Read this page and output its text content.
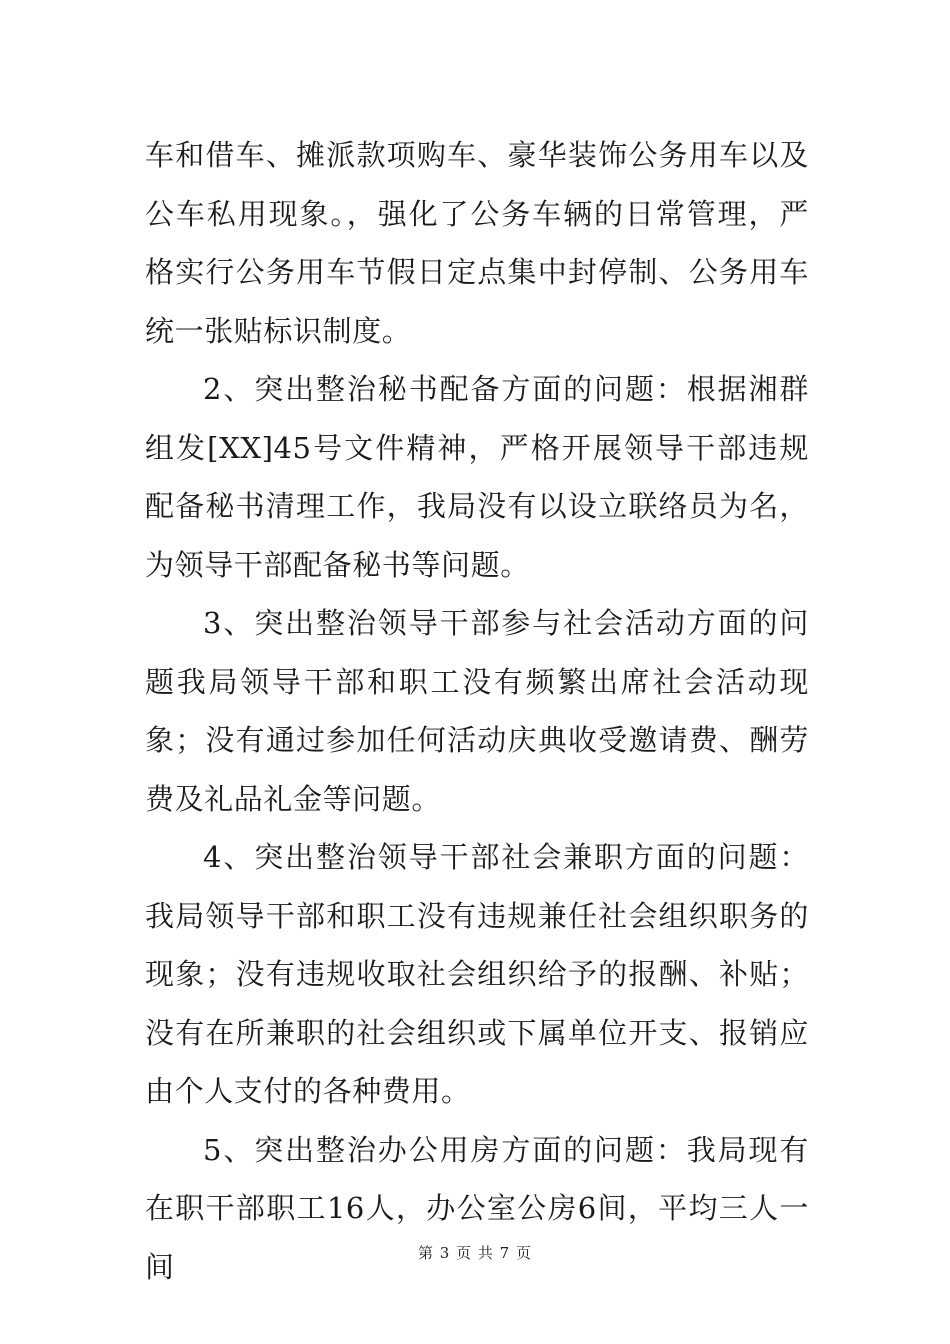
车和借车、摊派款项购车、豪华装饰公务用车以及公车私用现象。，强化了公务车辆的日常管理，严格实行公务用车节假日定点集中封停制、公务用车统一张贴标识制度。

2、突出整治秘书配备方面的问题：根据湘群组发[XX]45号文件精神，严格开展领导干部违规配备秘书清理工作，我局没有以设立联络员为名，为领导干部配备秘书等问题。

3、突出整治领导干部参与社会活动方面的问题我局领导干部和职工没有频繁出席社会活动现象；没有通过参加任何活动庆典收受邀请费、酬劳费及礼品礼金等问题。

4、突出整治领导干部社会兼职方面的问题：我局领导干部和职工没有违规兼任社会组织职务的现象；没有违规收取社会组织给予的报酬、补贴；没有在所兼职的社会组织或下属单位开支、报销应由个人支付的各种费用。

5、突出整治办公用房方面的问题：我局现有在职干部职工16人，办公室公房6间，平均三人一间	第 3 页 共 7 页
